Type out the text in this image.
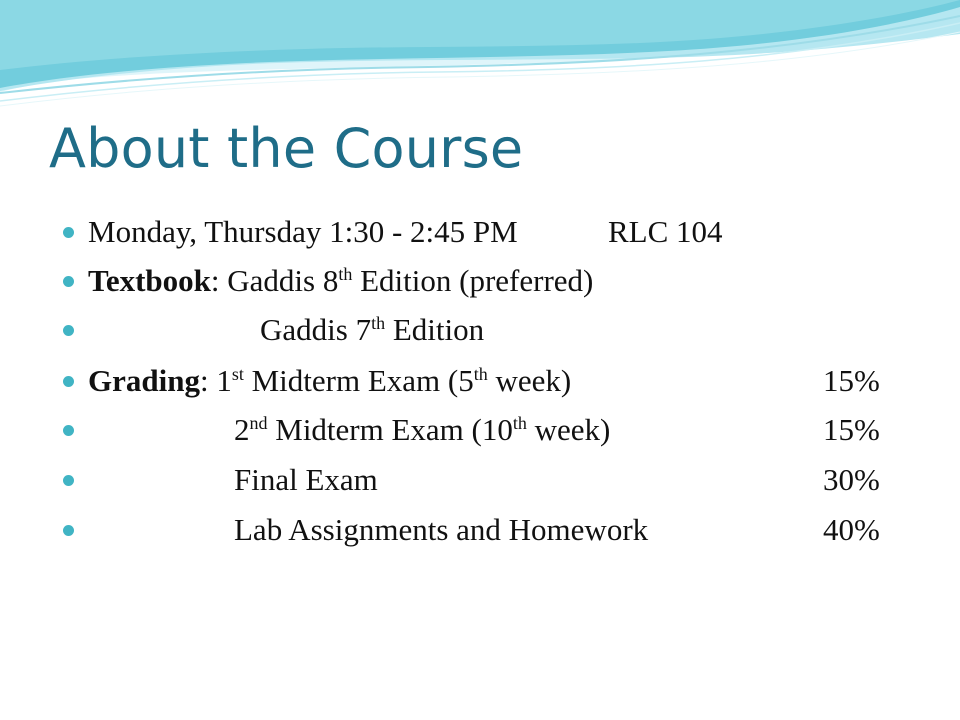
About the Course
Monday, Thursday 1:30 - 2:45 PM	RLC 104
Textbook: Gaddis 8th Edition (preferred)
Gaddis 7th Edition
Grading: 1st Midterm Exam (5th week)	15%
2nd Midterm Exam (10th week)	15%
Final Exam	30%
Lab Assignments and Homework	40%
